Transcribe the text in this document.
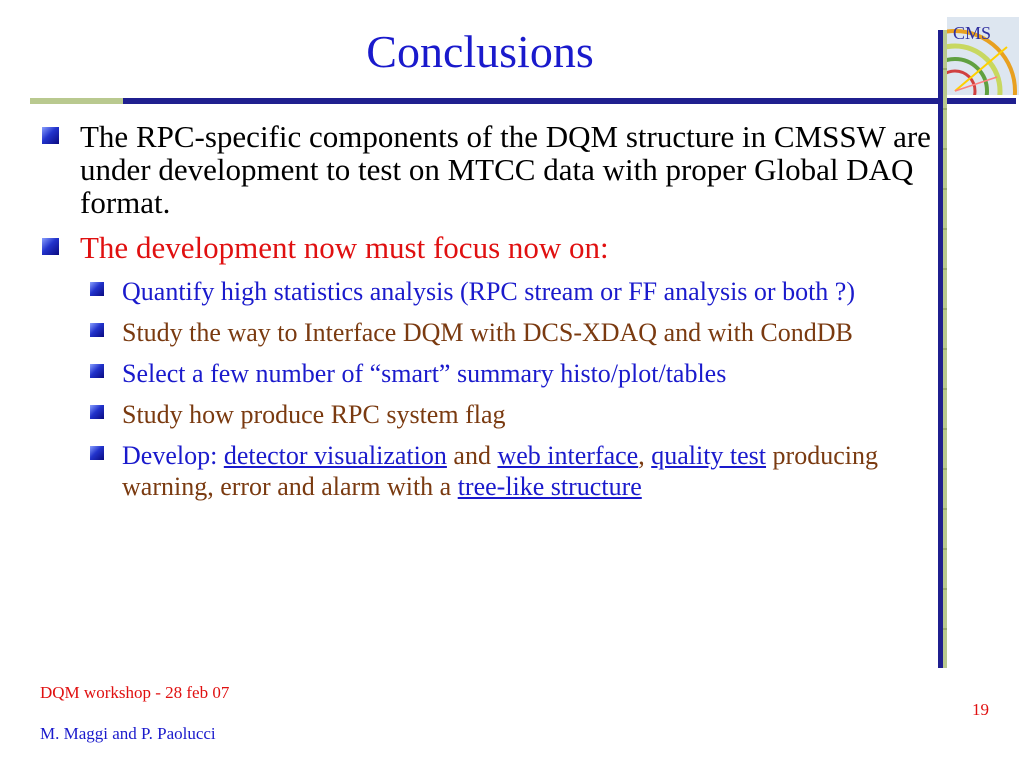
Conclusions	CMS
The RPC-specific components of the DQM structure in CMSSW are under development to test on MTCC data with proper Global DAQ format.
The development now must focus now on:
Quantify high statistics analysis (RPC stream or FF analysis or both ?)
Study the way to Interface DQM with DCS-XDAQ and with CondDB
Select a few number of “smart” summary histo/plot/tables
Study how produce RPC system flag
Develop: detector visualization and web interface, quality test producing warning, error and alarm with a tree-like structure
DQM workshop - 28 feb 07
M. Maggi and P. Paolucci
19
